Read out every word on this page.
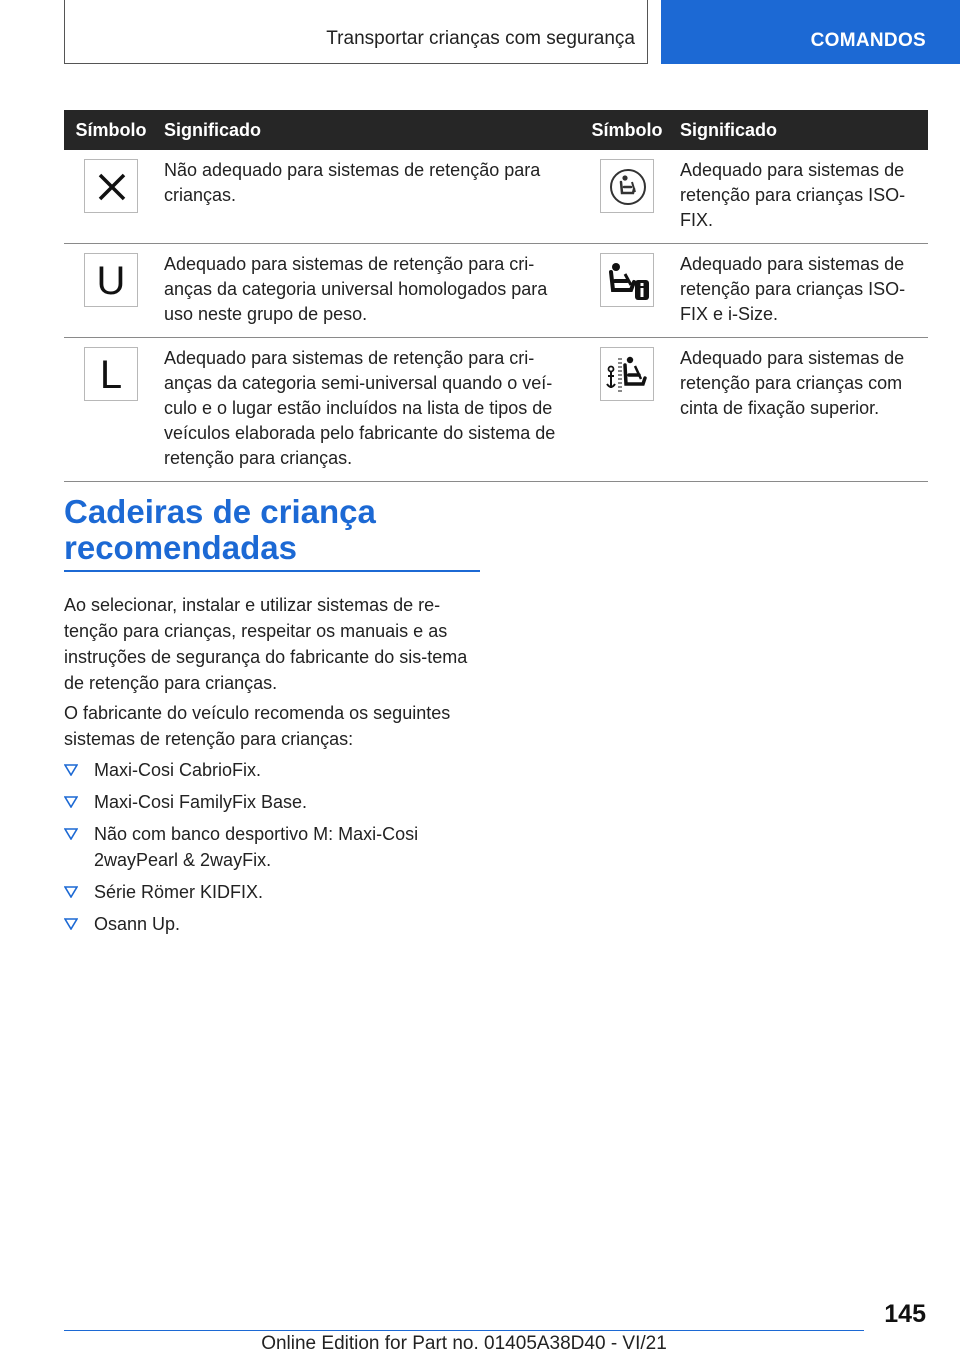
Transportar crianças com segurança	COMANDOS
Símbolo	Significado	Símbolo	Significado

	Não adequado para sistemas de retenção para crianças.		Adequado para sistemas de retenção para crianças ISO-FIX.

U	Adequado para sistemas de retenção para cri-anças da categoria universal homologados para uso neste grupo de peso.		Adequado para sistemas de retenção para crianças ISO-FIX e i-Size.

L	Adequado para sistemas de retenção para cri-anças da categoria semi-universal quando o veí-culo e o lugar estão incluídos na lista de tipos de veículos elaborada pelo fabricante do sistema de retenção para crianças.		Adequado para sistemas de retenção para crianças com cinta de fixação superior.
Cadeiras de criança recomendadas

Ao selecionar, instalar e utilizar sistemas de re-tenção para crianças, respeitar os manuais e as instruções de segurança do fabricante do sis-tema de retenção para crianças.

O fabricante do veículo recomenda os seguintes sistemas de retenção para crianças:

Maxi-Cosi CabrioFix.
Maxi-Cosi FamilyFix Base.
Não com banco desportivo M: Maxi-Cosi 2wayPearl & 2wayFix.
Série Römer KIDFIX.
Osann Up.
145
Online Edition for Part no. 01405A38D40 - VI/21
